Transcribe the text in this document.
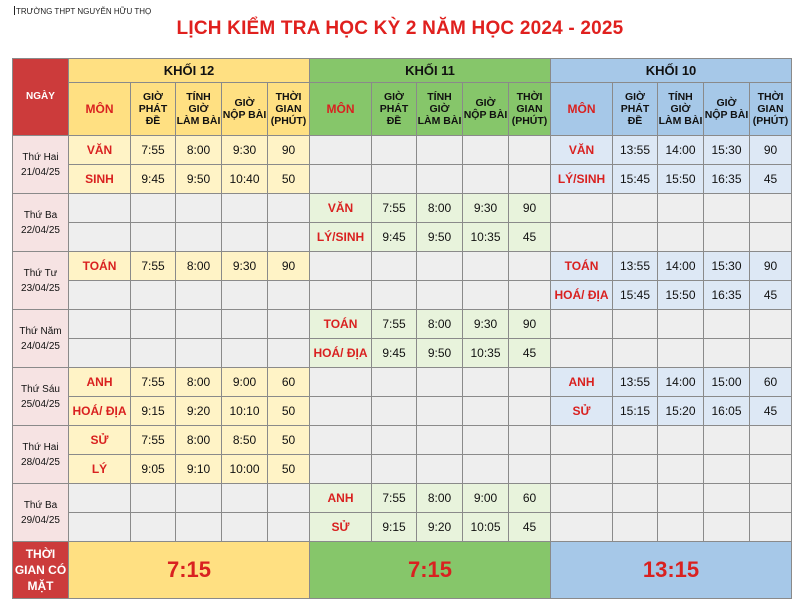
TRƯỜNG THPT NGUYỄN HỮU THỌ
LỊCH KIỂM TRA HỌC KỲ 2 NĂM HỌC 2024 - 2025
NGÀY	KHỐI 12					KHỐI 11					KHỐI 10				
	MÔN	GIỜ PHÁT ĐỀ	TÍNH GIỜ LÀM BÀI	GIỜ NỘP BÀI	THỜI GIAN (PHÚT)	MÔN	GIỜ PHÁT ĐỀ	TÍNH GIỜ LÀM BÀI	GIỜ NỘP BÀI	THỜI GIAN (PHÚT)	MÔN	GIỜ PHÁT ĐỀ	TÍNH GIỜ LÀM BÀI	GIỜ NỘP BÀI	THỜI GIAN (PHÚT)

Thứ Hai
21/04/25	VĂN	7:55	8:00	9:30	90						VĂN	13:55	14:00	15:30	90
	SINH	9:45	9:50	10:40	50						LÝ/SINH	15:45	15:50	16:35	45

Thứ Ba
22/04/25						VĂN	7:55	8:00	9:30	90					
						LÝ/SINH	9:45	9:50	10:35	45					

Thứ Tư
23/04/25	TOÁN	7:55	8:00	9:30	90						TOÁN	13:55	14:00	15:30	90
											HOÁ/ ĐỊA	15:45	15:50	16:35	45

Thứ Năm
24/04/25						TOÁN	7:55	8:00	9:30	90					
						HOÁ/ ĐỊA	9:45	9:50	10:35	45					

Thứ Sáu
25/04/25	ANH	7:55	8:00	9:00	60						ANH	13:55	14:00	15:00	60
	HOÁ/ ĐỊA	9:15	9:20	10:10	50						SỬ	15:15	15:20	16:05	45

Thứ Hai
28/04/25	SỬ	7:55	8:00	8:50	50										
	LÝ	9:05	9:10	10:00	50										

Thứ Ba
29/04/25						ANH	7:55	8:00	9:00	60					
						SỬ	9:15	9:20	10:05	45					
THỜI GIAN CÓ MẶT	7:15					7:15					13:15				
